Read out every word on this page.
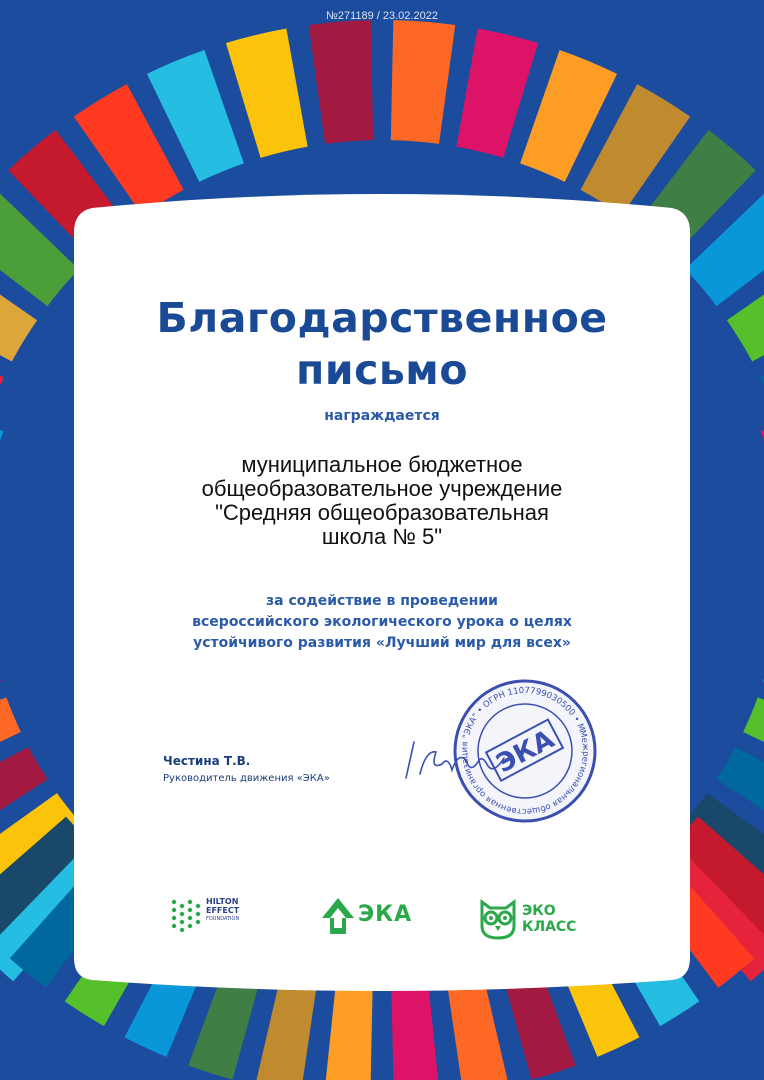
№271189 / 23.02.2022
Благодарственное
письмо
награждается
муниципальное бюджетное
общеобразовательное учреждение
"Средняя общеобразовательная
школа № 5"
за содействие в проведении
всероссийского экологического урока о целях
устойчивого развития «Лучший мир для всех»
Честина Т.В.
Руководитель движения «ЭКА»
Межрегиональная общественная организация "ЭКА" • ОГРН 1107799030500 • Москва
ЭКА
HILTON
EFFECT
FOUNDATION	ЭКА	ЭКО
КЛАСС
